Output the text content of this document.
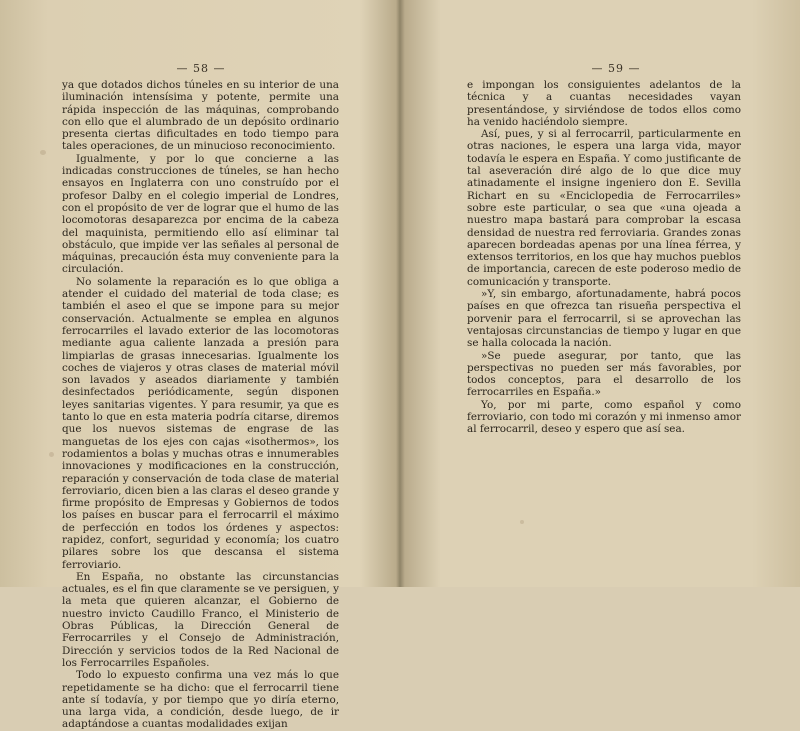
— 58 —

ya que dotados dichos túneles en su interior de una iluminación intensísima y potente, permite una rápida inspección de las máquinas, comprobando con ello que el alumbrado de un depósito ordinario presenta ciertas dificultades en todo tiempo para tales operaciones, de un minucioso reconocimiento.

Igualmente, y por lo que concierne a las indicadas construcciones de túneles, se han hecho ensayos en Inglaterra con uno construído por el profesor Dalby en el colegio imperial de Londres, con el propósito de ver de lograr que el humo de las locomotoras desaparezca por encima de la cabeza del maquinista, permitiendo ello así eliminar tal obstáculo, que impide ver las señales al personal de máquinas, precaución ésta muy conveniente para la circulación.

No solamente la reparación es lo que obliga a atender el cuidado del material de toda clase; es también el aseo el que se impone para su mejor conservación. Actualmente se emplea en algunos ferrocarriles el lavado exterior de las locomotoras mediante agua caliente lanzada a presión para limpiarlas de grasas innecesarias. Igualmente los coches de viajeros y otras clases de material móvil son lavados y aseados diariamente y también desinfectados periódicamente, según disponen leyes sanitarias vigentes. Y para resumir, ya que es tanto lo que en esta materia podría citarse, diremos que los nuevos sistemas de engrase de las manguetas de los ejes con cajas «isothermos», los rodamientos a bolas y muchas otras e innumerables innovaciones y modificaciones en la construcción, reparación y conservación de toda clase de material ferroviario, dicen bien a las claras el deseo grande y firme propósito de Empresas y Gobiernos de todos los países en buscar para el ferrocarril el máximo de perfección en todos los órdenes y aspectos: rapidez, confort, seguridad y economía; los cuatro pilares sobre los que descansa el sistema ferroviario.

En España, no obstante las circunstancias actuales, es el fin que claramente se ve persiguen, y la meta que quieren alcanzar, el Gobierno de nuestro invicto Caudillo Franco, el Ministerio de Obras Públicas, la Dirección General de Ferrocarriles y el Consejo de Administración, Dirección y servicios todos de la Red Nacional de los Ferrocarriles Españoles.

Todo lo expuesto confirma una vez más lo que repetidamente se ha dicho: que el ferrocarril tiene ante sí todavía, y por tiempo que yo diría eterno, una larga vida, a condición, desde luego, de ir adaptándose a cuantas modalidades exijan

— 59 —

e impongan los consiguientes adelantos de la técnica y a cuantas necesidades vayan presentándose, y sirviéndose de todos ellos como ha venido haciéndolo siempre.

Así, pues, y si al ferrocarril, particularmente en otras naciones, le espera una larga vida, mayor todavía le espera en España. Y como justificante de tal aseveración diré algo de lo que dice muy atinadamente el insigne ingeniero don E. Sevilla Richart en su «Enciclopedia de Ferrocarriles» sobre este particular, o sea que «una ojeada a nuestro mapa bastará para comprobar la escasa densidad de nuestra red ferroviaria. Grandes zonas aparecen bordeadas apenas por una línea férrea, y extensos territorios, en los que hay muchos pueblos de importancia, carecen de este poderoso medio de comunicación y transporte.

»Y, sin embargo, afortunadamente, habrá pocos países en que ofrezca tan risueña perspectiva el porvenir para el ferrocarril, si se aprovechan las ventajosas circunstancias de tiempo y lugar en que se halla colocada la nación.

»Se puede asegurar, por tanto, que las perspectivas no pueden ser más favorables, por todos conceptos, para el desarrollo de los ferrocarriles en España.»

Yo, por mi parte, como español y como ferroviario, con todo mi corazón y mi inmenso amor al ferrocarril, deseo y espero que así sea.
